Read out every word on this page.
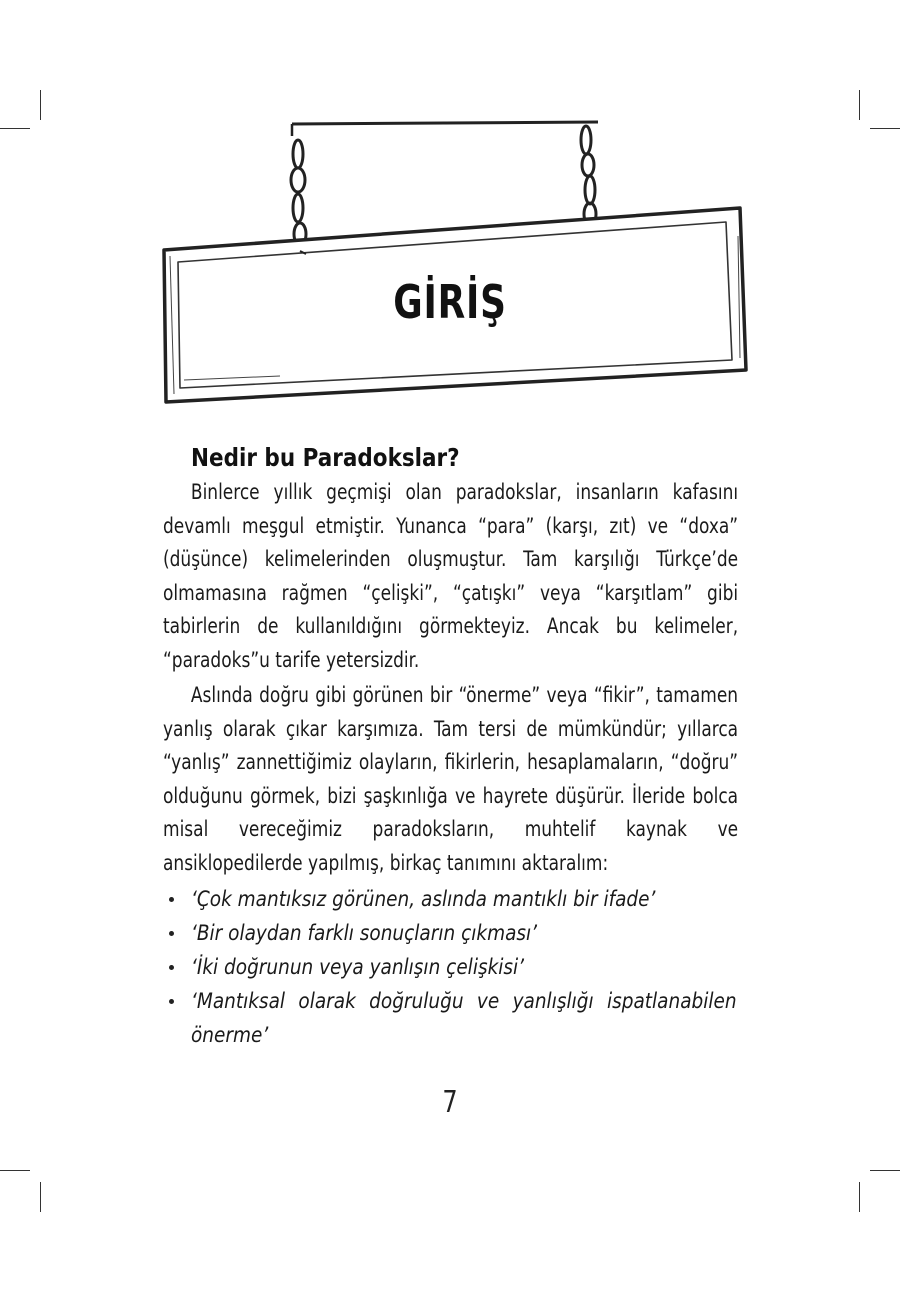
GİRİŞ
Nedir bu Paradokslar?

Binlerce yıllık geçmişi olan paradokslar, insanların kafasını devamlı meşgul etmiştir. Yunanca “para” (karşı, zıt) ve “doxa” (düşünce) kelimelerinden oluşmuştur. Tam karşılığı Türkçe’de olmamasına rağmen “çelişki”, “çatışkı” veya “karşıtlam” gibi tabirlerin de kullanıldığını görmekteyiz. Ancak bu kelimeler, “paradoks”u tarife yetersizdir.

Aslında doğru gibi görünen bir “önerme” veya “fikir”, tamamen yanlış olarak çıkar karşımıza. Tam tersi de mümkündür; yıllarca “yanlış” zannettiğimiz olayların, fikirlerin, hesaplamaların, “doğru” olduğunu görmek, bizi şaşkınlığa ve hayrete düşürür. İleride bolca misal vereceğimiz paradoksların, muhtelif kaynak ve ansiklopedilerde yapılmış, birkaç tanımını aktaralım:

‘Çok mantıksız görünen, aslında mantıklı bir ifade’
‘Bir olaydan farklı sonuçların çıkması’
‘İki doğrunun veya yanlışın çelişkisi’
‘Mantıksal olarak doğruluğu ve yanlışlığı ispatlanabilen önerme’
7
